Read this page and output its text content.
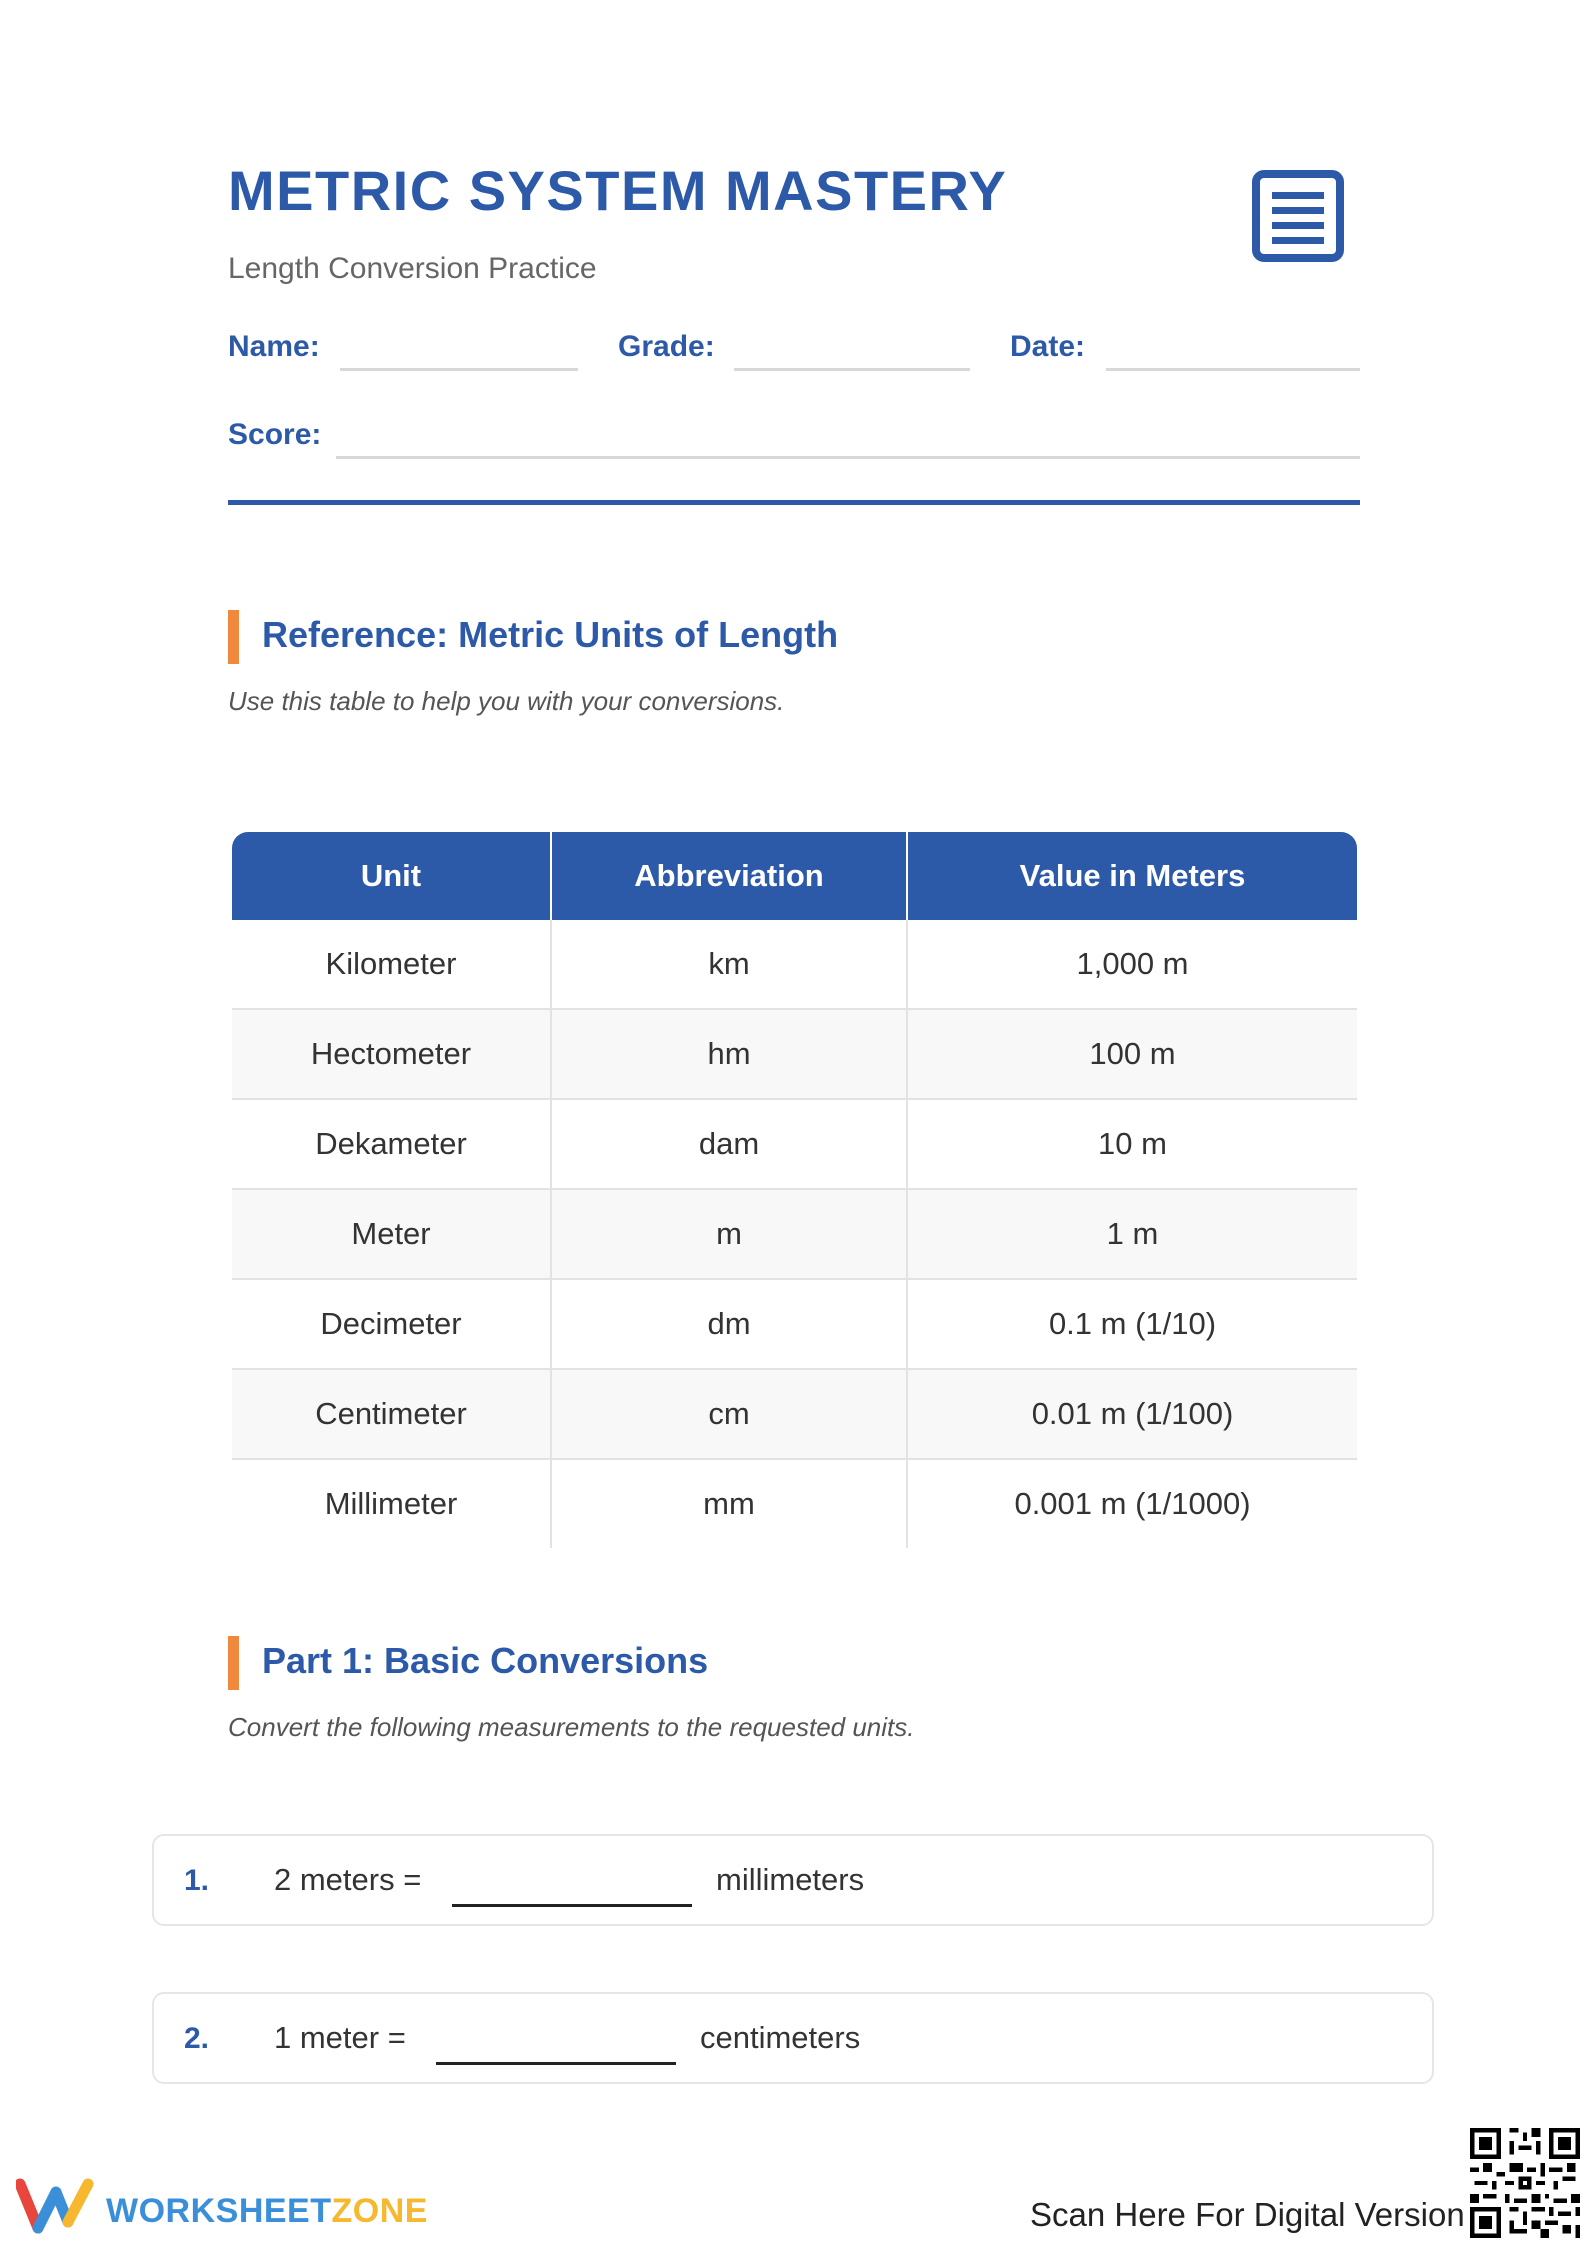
METRIC SYSTEM MASTERY
Length Conversion Practice
Name:	Grade:	Date:
Score:
Reference: Metric Units of Length
Use this table to help you with your conversions.
Unit	Abbreviation	Value in Meters
Kilometer	km	1,000 m
Hectometer	hm	100 m
Dekameter	dam	10 m
Meter	m	1 m
Decimeter	dm	0.1 m (1/10)
Centimeter	cm	0.01 m (1/100)
Millimeter	mm	0.001 m (1/1000)
Part 1: Basic Conversions
Convert the following measurements to the requested units.
1. 2 meters =	millimeters
2. 1 meter =	centimeters
WORKSHEETZONE	Scan Here For Digital Version
